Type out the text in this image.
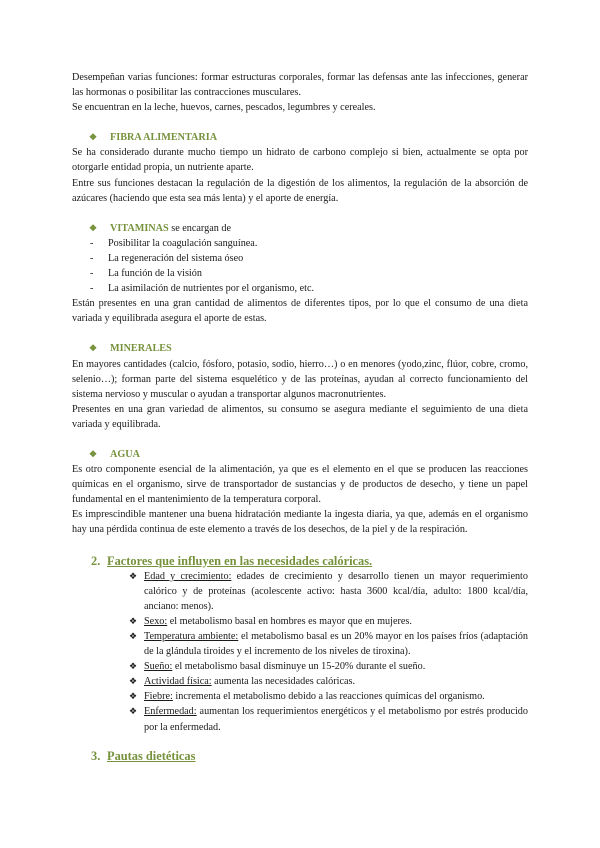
Desempeñan varias funciones: formar estructuras corporales, formar las defensas ante las infecciones, generar las hormonas o posibilitar las contracciones musculares.

Se encuentran en la leche, huevos, carnes, pescados, legumbres y cereales.

❖	FIBRA ALIMENTARIA

Se ha considerado durante mucho tiempo un hidrato de carbono complejo si bien, actualmente se opta por otorgarle entidad propia, un nutriente aparte.

Entre sus funciones destacan la regulación de la digestión de los alimentos, la regulación de la absorción de azúcares (haciendo que esta sea más lenta) y el aporte de energía.

❖	VITAMINAS se encargan de
-	Posibilitar la coagulación sanguínea.
-	La regeneración del sistema óseo
-	La función de la visión
-	La asimilación de nutrientes por el organismo, etc.

Están presentes en una gran cantidad de alimentos de diferentes tipos, por lo que el consumo de una dieta variada y equilibrada asegura el aporte de estas.

❖	MINERALES

En mayores cantidades (calcio, fósforo, potasio, sodio, hierro…) o en menores (yodo,zinc, flúor, cobre, cromo, selenio…); forman parte del sistema esquelético y de las proteínas, ayudan al correcto funcionamiento del sistema nervioso y muscular o ayudan a transportar algunos macronutrientes.

Presentes en una gran variedad de alimentos, su consumo se asegura mediante el seguimiento de una dieta variada y equilibrada.

❖	AGUA

Es otro componente esencial de la alimentación, ya que es el elemento en el que se producen las reacciones químicas en el organismo, sirve de transportador de sustancias y de productos de desecho, y tiene un papel fundamental en el mantenimiento de la temperatura corporal.

Es imprescindible mantener una buena hidratación mediante la ingesta diaria, ya que, además en el organismo hay una pérdida continua de este elemento a través de los desechos, de la piel y de la respiración.

2. Factores que influyen en las necesidades calóricas.
❖ Edad y crecimiento: edades de crecimiento y desarrollo tienen un mayor requerimiento calórico y de proteínas (acolescente activo: hasta 3600 kcal/día, adulto: 1800 kcal/día, anciano: menos).
❖ Sexo: el metabolismo basal en hombres es mayor que en mujeres.
❖ Temperatura ambiente: el metabolismo basal es un 20% mayor en los países fríos (adaptación de la glándula tiroides y el incremento de los niveles de tiroxina).
❖ Sueño: el metabolismo basal disminuye un 15-20% durante el sueño.
❖ Actividad física: aumenta las necesidades calóricas.
❖ Fiebre: incrementa el metabolismo debido a las reacciones químicas del organismo.
❖ Enfermedad: aumentan los requerimientos energéticos y el metabolismo por estrés producido por la enfermedad.
3. Pautas dietéticas
